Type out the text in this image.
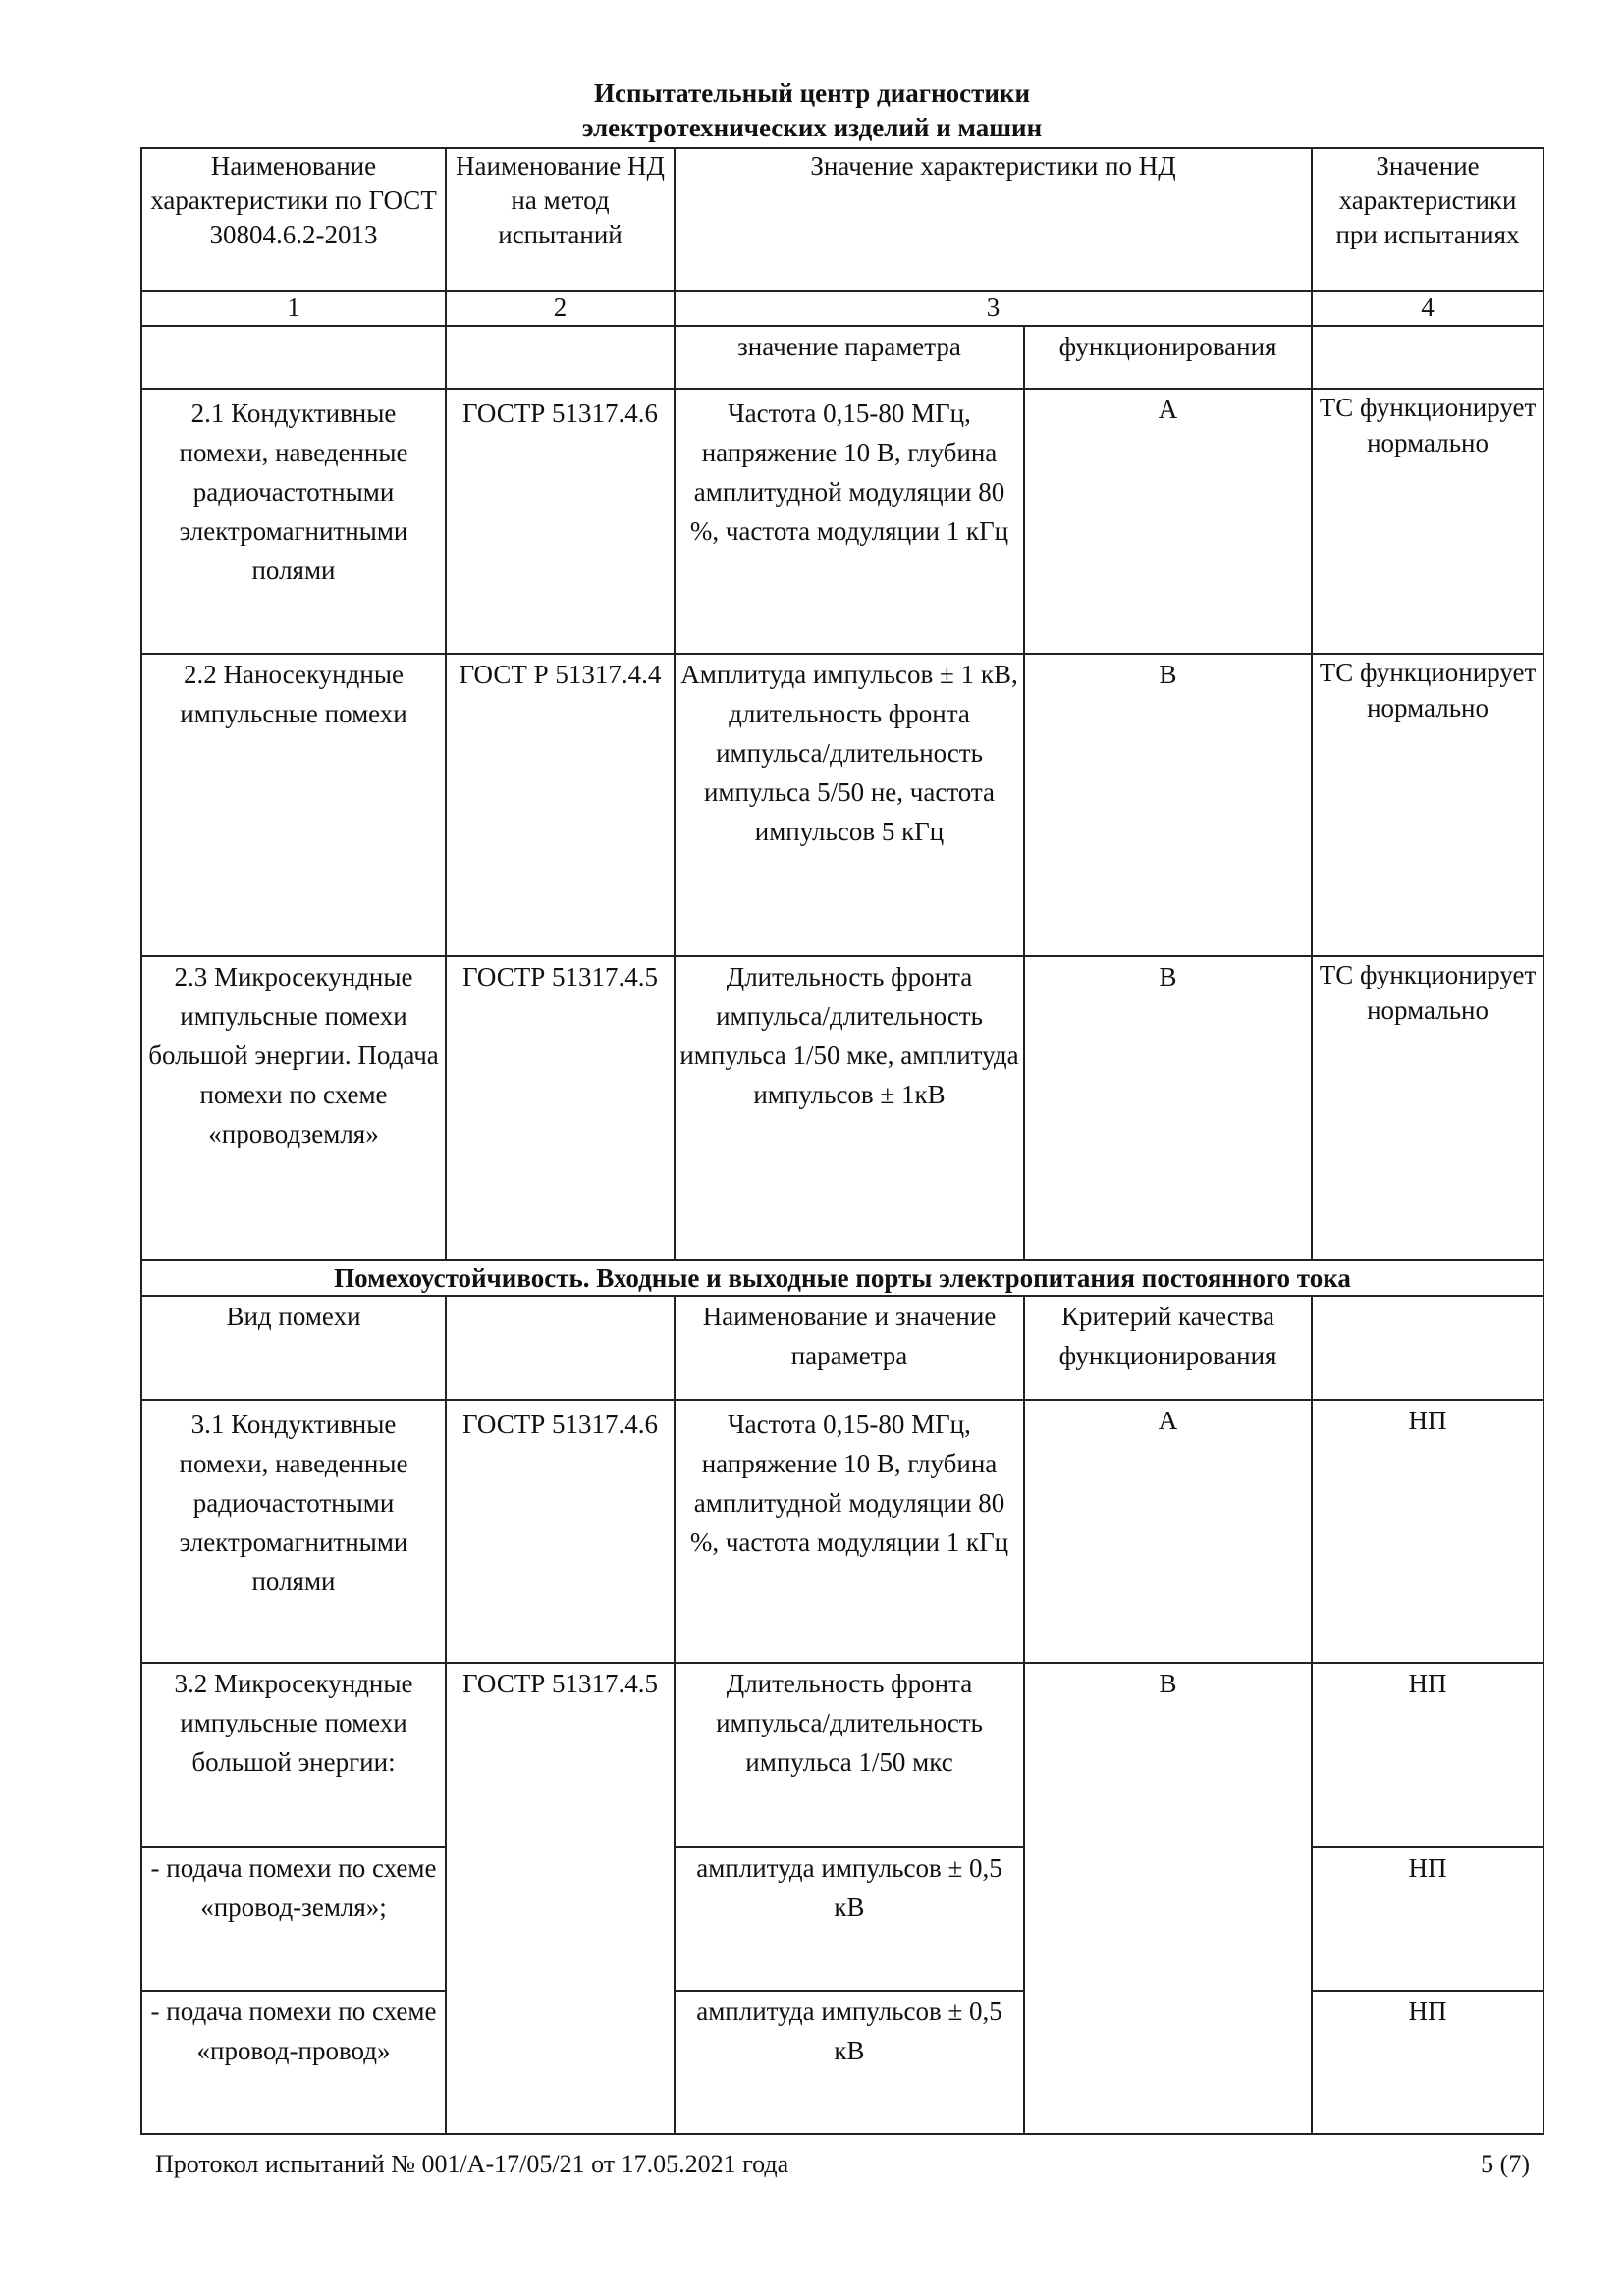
Испытательный центр диагностики
электротехнических изделий и машин
Наименование характеристики по ГОСТ 30804.6.2-2013	Наименование НД на метод испытаний	Значение характеристики по НД		Значение характеристики при испытаниях
1	2	3		4
		значение параметра	функционирования	
2.1 Кондуктивные помехи, наведенные радиочастотными электромагнитными полями	ГОСТР 51317.4.6	Частота 0,15-80 МГц, напряжение 10 В, глубина амплитудной модуляции 80 %, частота модуляции 1 кГц	А	ТС функционирует нормально
2.2 Наносекундные импульсные помехи	ГОСТ Р 51317.4.4	Амплитуда импульсов ± 1 кВ, длительность фронта импульса/длительность импульса 5/50 не, частота импульсов 5 кГц	В	ТС функционирует нормально
2.3 Микросекундные импульсные помехи большой энергии. Подача помехи по схеме «проводземля»	ГОСТР 51317.4.5	Длительность фронта импульса/длительность импульса 1/50 мке, амплитуда импульсов ± 1кВ	В	ТС функционирует нормально
Помехоустойчивость. Входные и выходные порты электропитания постоянного тока				
Вид помехи		Наименование и значение параметра	Критерий качества функционирования	
3.1 Кондуктивные помехи, наведенные радиочастотными электромагнитными полями	ГОСТР 51317.4.6	Частота 0,15-80 МГц, напряжение 10 В, глубина амплитудной модуляции 80 %, частота модуляции 1 кГц	А	НП
3.2 Микросекундные импульсные помехи большой энергии:	ГОСТР 51317.4.5	Длительность фронта импульса/длительность импульса 1/50 мкс	В	НП
- подача помехи по схеме «провод-земля»;		амплитуда импульсов ± 0,5 кВ		НП
- подача помехи по схеме «провод-провод»		амплитуда импульсов ± 0,5 кВ		НП
Протокол испытаний № 001/А-17/05/21 от 17.05.2021 года	5 (7)
